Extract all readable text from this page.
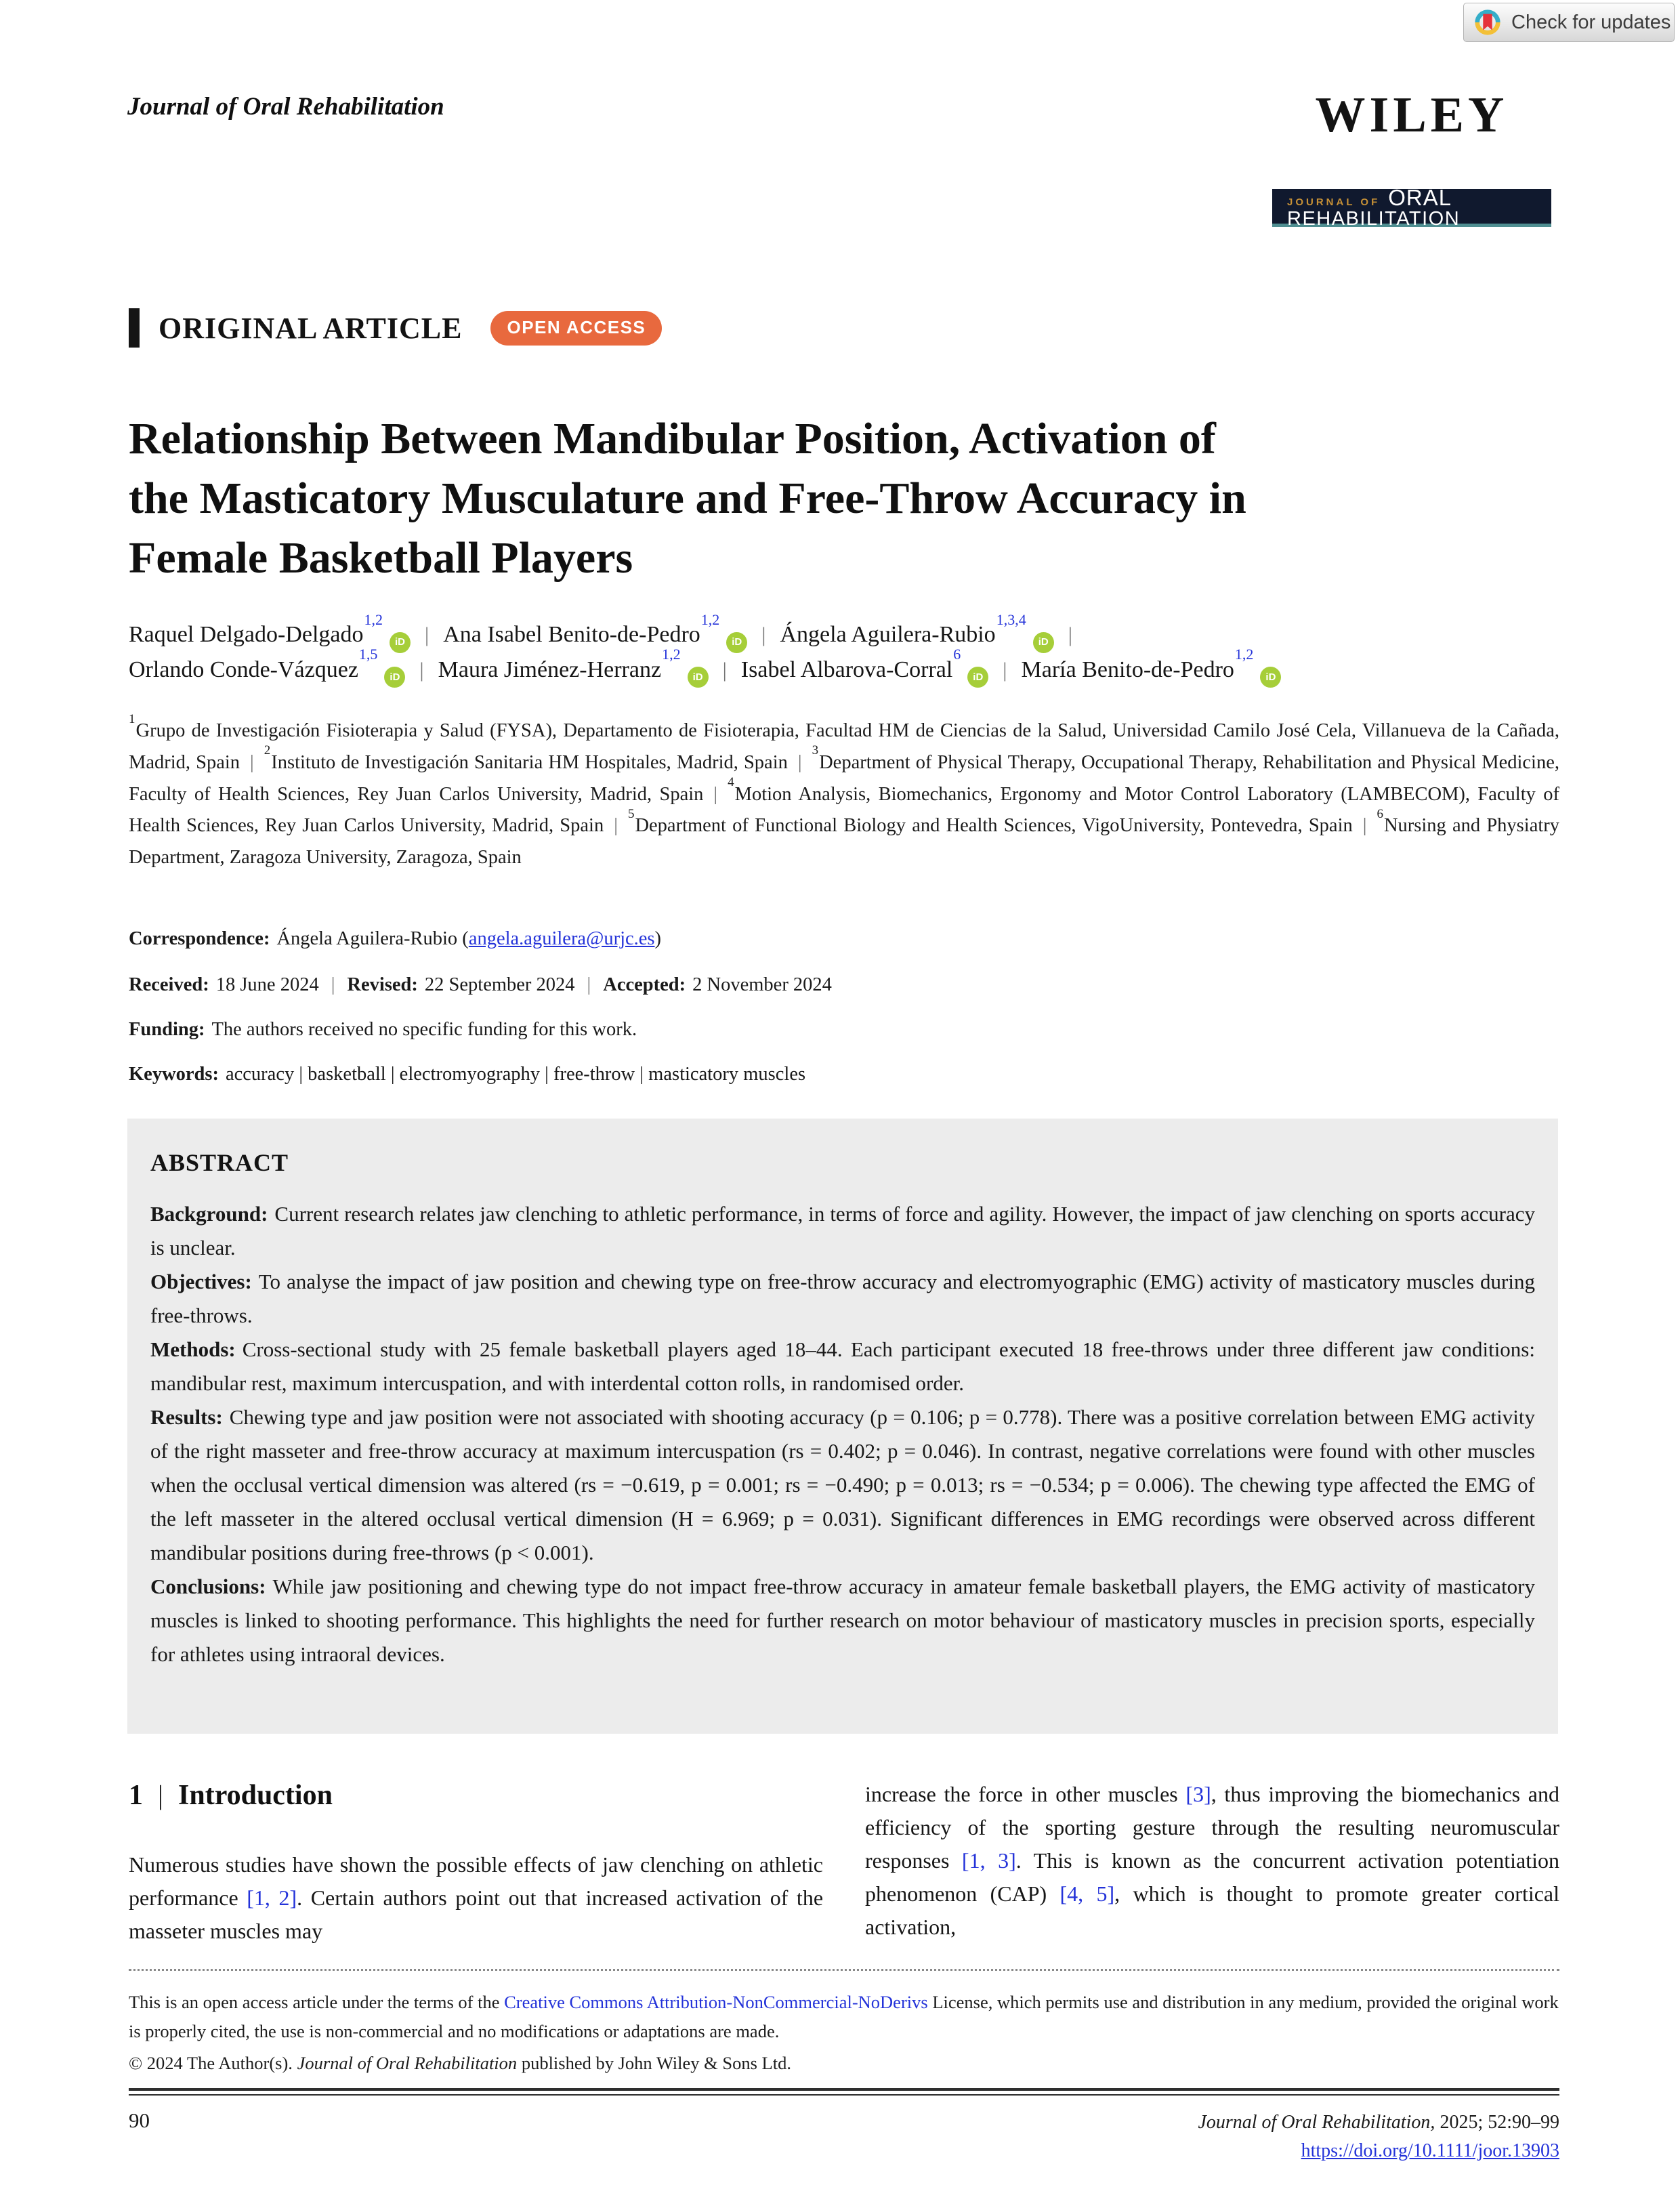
Check for updates
Journal of Oral Rehabilitation	WILEY
JOURNAL OF ORAL
REHABILITATION
ORIGINAL ARTICLE	OPEN ACCESS
Relationship Between Mandibular Position, Activation of
the Masticatory Musculature and Free-Throw Accuracy in
Female Basketball Players
Raquel Delgado-Delgado$^{1,2}$iD | Ana Isabel Benito-de-Pedro$^{1,2}$iD | Ángela Aguilera-Rubio$^{1,3,4}$iD |
Orlando Conde-Vázquez$^{1,5}$iD | Maura Jiménez-Herranz$^{1,2}$iD | Isabel Albarova-Corral$^6$iD | María Benito-de-Pedro$^{1,2}$iD
$^1$Grupo de Investigación Fisioterapia y Salud (FYSA), Departamento de Fisioterapia, Facultad HM de Ciencias de la Salud, Universidad Camilo José Cela, Villanueva de la Cañada, Madrid, Spain |$^2$Instituto de Investigación Sanitaria HM Hospitales, Madrid, Spain |$^3$Department of Physical Therapy, Occupational Therapy, Rehabilitation and Physical Medicine, Faculty of Health Sciences, Rey Juan Carlos University, Madrid, Spain |$^4$Motion Analysis, Biomechanics, Ergonomy and Motor Control Laboratory (LAMBECOM), Faculty of Health Sciences, Rey Juan Carlos University, Madrid, Spain |$^5$Department of Functional Biology and Health Sciences, VigoUniversity, Pontevedra, Spain |$^6$Nursing and Physiatry Department, Zaragoza University, Zaragoza, Spain
Correspondence: Ángela Aguilera-Rubio (angela.aguilera@urjc.es)
Received: 18 June 2024 | Revised: 22 September 2024 | Accepted: 2 November 2024
Funding: The authors received no specific funding for this work.
Keywords: accuracy | basketball | electromyography | free-throw | masticatory muscles
ABSTRACT

Background: Current research relates jaw clenching to athletic performance, in terms of force and agility. However, the impact of jaw clenching on sports accuracy is unclear.

Objectives: To analyse the impact of jaw position and chewing type on free-throw accuracy and electromyographic (EMG) activity of masticatory muscles during free-throws.

Methods: Cross-sectional study with 25 female basketball players aged 18–44. Each participant executed 18 free-throws under three different jaw conditions: mandibular rest, maximum intercuspation, and with interdental cotton rolls, in randomised order.

Results: Chewing type and jaw position were not associated with shooting accuracy (p = 0.106; p = 0.778). There was a positive correlation between EMG activity of the right masseter and free-throw accuracy at maximum intercuspation (rs = 0.402; p = 0.046). In contrast, negative correlations were found with other muscles when the occlusal vertical dimension was altered (rs = −0.619, p = 0.001; rs = −0.490; p = 0.013; rs = −0.534; p = 0.006). The chewing type affected the EMG of the left masseter in the altered occlusal vertical dimension (H = 6.969; p = 0.031). Significant differences in EMG recordings were observed across different mandibular positions during free-throws (p < 0.001).

Conclusions: While jaw positioning and chewing type do not impact free-throw accuracy in amateur female basketball players, the EMG activity of masticatory muscles is linked to shooting performance. This highlights the need for further research on motor behaviour of masticatory muscles in precision sports, especially for athletes using intraoral devices.

1 | Introduction

Numerous studies have shown the possible effects of jaw clenching on athletic performance [1, 2]. Certain authors point out that increased activation of the masseter muscles may

increase the force in other muscles [3], thus improving the biomechanics and efficiency of the sporting gesture through the resulting neuromuscular responses [1, 3]. This is known as the concurrent activation potentiation phenomenon (CAP) [4, 5], which is thought to promote greater cortical activation,

This is an open access article under the terms of the Creative Commons Attribution-NonCommercial-NoDerivs License, which permits use and distribution in any medium, provided the original work is properly cited, the use is non-commercial and no modifications or adaptations are made.
© 2024 The Author(s). Journal of Oral Rehabilitation published by John Wiley & Sons Ltd.
90	Journal of Oral Rehabilitation, 2025; 52:90–99
https://doi.org/10.1111/joor.13903
